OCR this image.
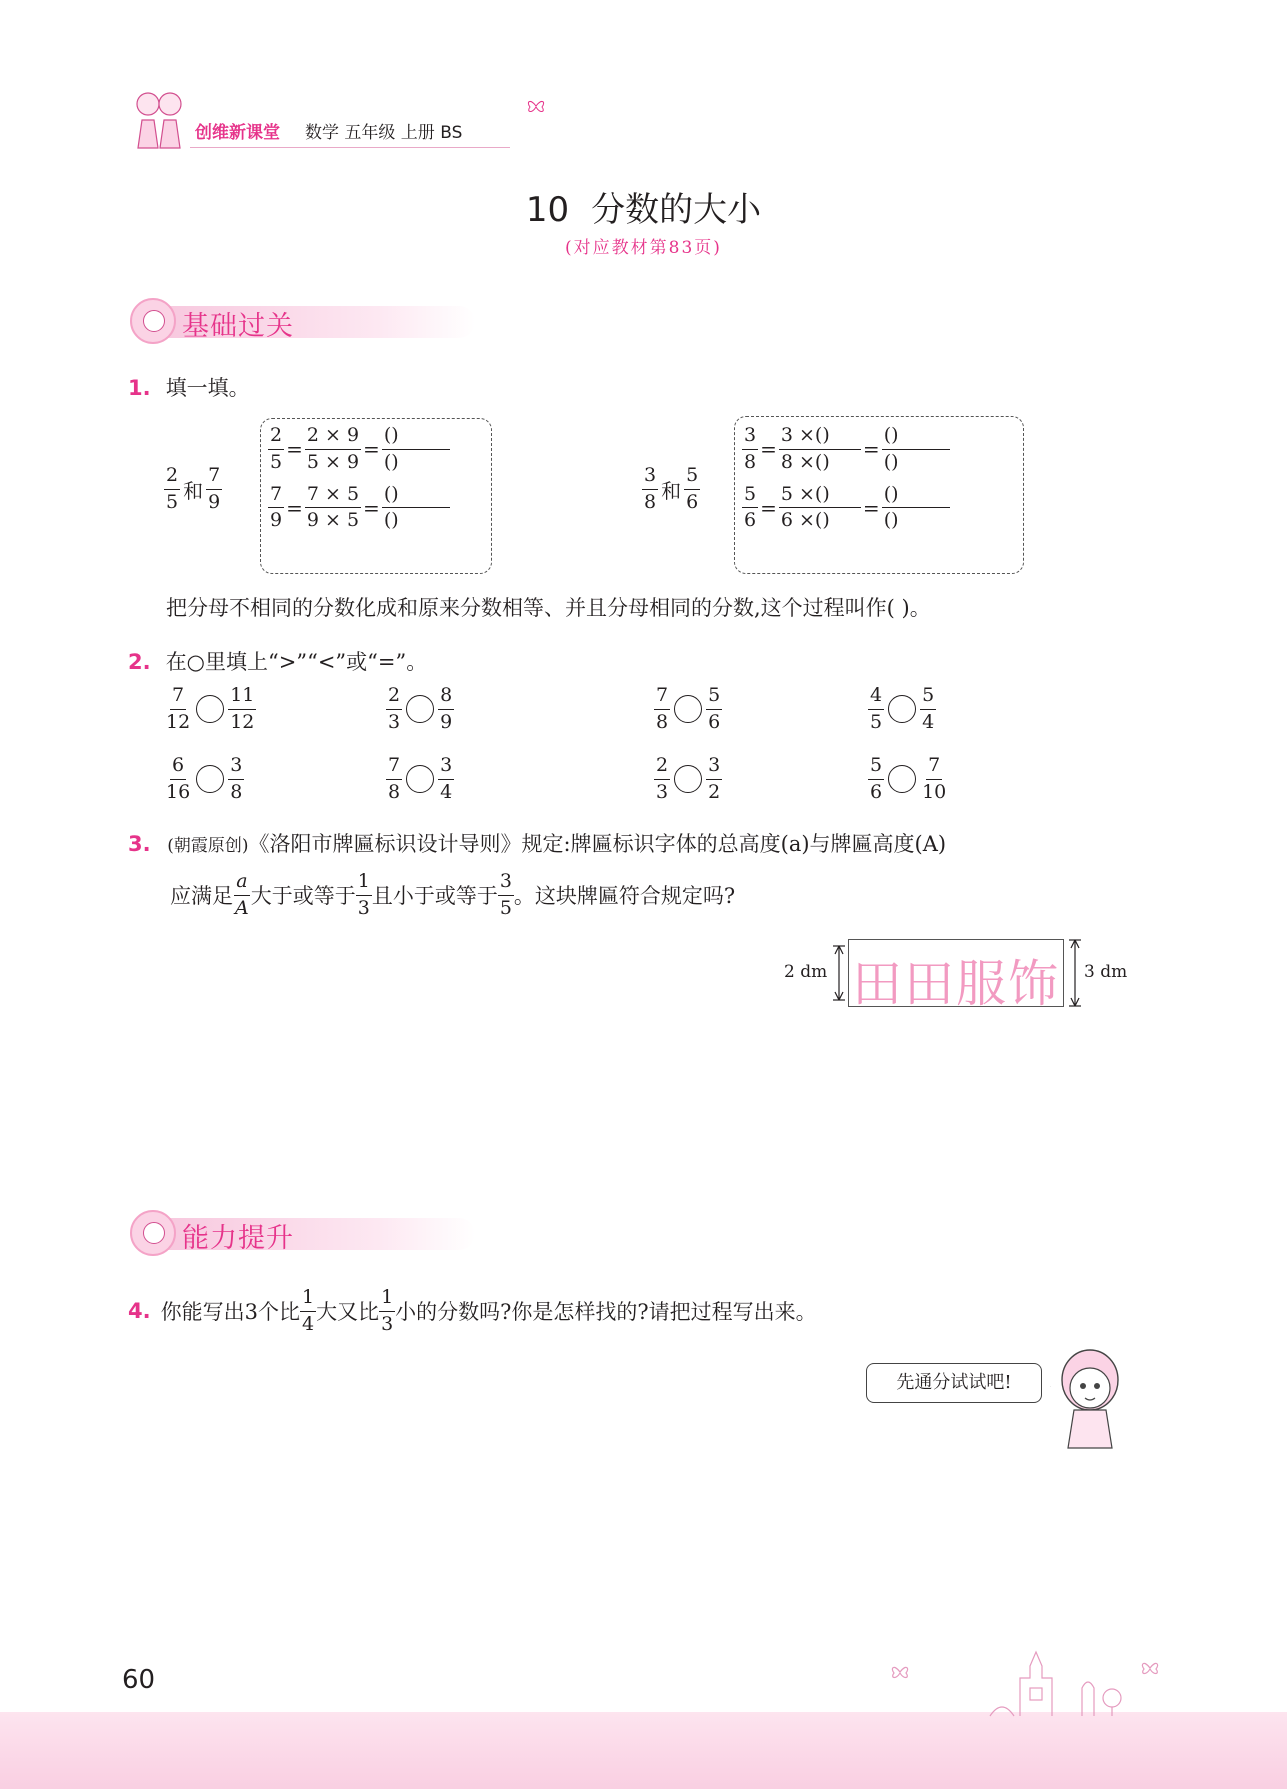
创维新课堂 数学 五年级 上册 BS
10 分数的大小
(对应教材第83页)
基础过关
1. 填一填。
$\frac{2}{5}$ 和 $\frac{7}{9}$
$\frac{2}{5} = \frac{2 \times 9}{5 \times 9} = \frac{()}{()}$
$\frac{7}{9} = \frac{7 \times 5}{9 \times 5} = \frac{()}{()}$	$\frac{3}{8}$ 和 $\frac{5}{6}$
$\frac{3}{8} = \frac{3 \times()}{8 \times()} = \frac{()}{()}$
$\frac{5}{6} = \frac{5 \times()}{6 \times()} = \frac{()}{()}$
把分母不相同的分数化成和原来分数相等、并且分母相同的分数,这个过程叫作( )。
2. 在○里填上“>”“<”或“=”。
$\frac{7}{12} \frac{11}{12}$	$\frac{2}{3} \frac{8}{9}$	$\frac{7}{8} \frac{5}{6}$	$\frac{4}{5} \frac{5}{4}$
$\frac{6}{16} \frac{3}{8}$	$\frac{7}{8} \frac{3}{4}$	$\frac{2}{3} \frac{3}{2}$	$\frac{5}{6} \frac{7}{10}$
3. (朝霞原创)《洛阳市牌匾标识设计导则》规定:牌匾标识字体的总高度(a)与牌匾高度(A)
应满足 $\frac{a}{A}$ 大于或等于 $\frac{1}{3}$ 且小于或等于 $\frac{3}{5}$ 。这块牌匾符合规定吗?
2 dm 田田服饰 3 dm
能力提升
4. 你能写出3个比 $\frac{1}{4}$ 大又比 $\frac{1}{3}$ 小的分数吗?你是怎样找的?请把过程写出来。
先通分试试吧!
60
